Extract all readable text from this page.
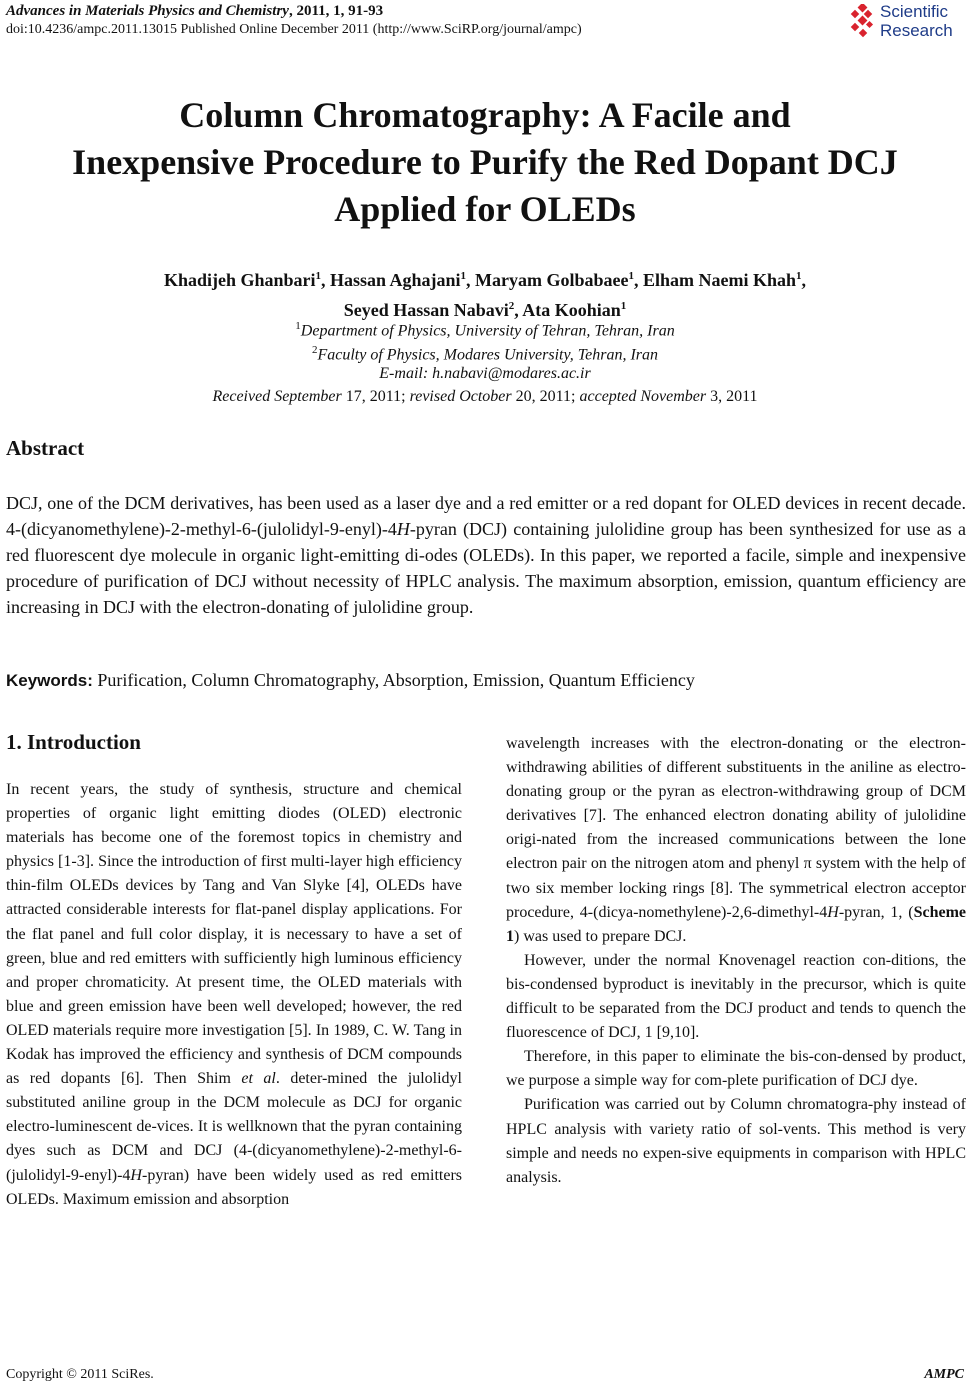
Advances in Materials Physics and Chemistry, 2011, 1, 91-93
doi:10.4236/ampc.2011.13015 Published Online December 2011 (http://www.SciRP.org/journal/ampc)
Scientific
Research
Column Chromatography: A Facile and
Inexpensive Procedure to Purify the Red Dopant DCJ
Applied for OLEDs
Khadijeh Ghanbari$^1$, Hassan Aghajani$^1$, Maryam Golbabaee$^1$, Elham Naemi Khah$^1$,
Seyed Hassan Nabavi$^2$, Ata Koohian$^1$
$^1$Department of Physics, University of Tehran, Tehran, Iran
$^2$Faculty of Physics, Modares University, Tehran, Iran
E-mail: h.nabavi@modares.ac.ir
Received September 17, 2011; revised October 20, 2011; accepted November 3, 2011
Abstract

DCJ, one of the DCM derivatives, has been used as a laser dye and a red emitter or a red dopant for OLED devices in recent decade. 4-(dicyanomethylene)-2-methyl-6-(julolidyl-9-enyl)-4H-pyran (DCJ) containing julolidine group has been synthesized for use as a red fluorescent dye molecule in organic light-emitting di-odes (OLEDs). In this paper, we reported a facile, simple and inexpensive procedure of purification of DCJ without necessity of HPLC analysis. The maximum absorption, emission, quantum efficiency are increasing in DCJ with the electron-donating of julolidine group.

Keywords: Purification, Column Chromatography, Absorption, Emission, Quantum Efficiency
1. Introduction

In recent years, the study of synthesis, structure and chemical properties of organic light emitting diodes (OLED) electronic materials has become one of the foremost topics in chemistry and physics [1-3]. Since the introduction of first multi-layer high efficiency thin-film OLEDs devices by Tang and Van Slyke [4], OLEDs have attracted considerable interests for flat-panel display applications. For the flat panel and full color display, it is necessary to have a set of green, blue and red emitters with sufficiently high luminous efficiency and proper chromaticity. At present time, the OLED materials with blue and green emission have been well developed; however, the red OLED materials require more investigation [5]. In 1989, C. W. Tang in Kodak has improved the efficiency and synthesis of DCM compounds as red dopants [6]. Then Shim et al. deter-mined the julolidyl substituted aniline group in the DCM molecule as DCJ for organic electro-luminescent de-vices. It is wellknown that the pyran containing dyes such as DCM and DCJ (4-(dicyanomethylene)-2-methyl-6-(julolidyl-9-enyl)-4H-pyran) have been widely used as red emitters OLEDs. Maximum emission and absorption

wavelength increases with the electron-donating or the electron-withdrawing abilities of different substituents in the aniline as electro-donating group or the pyran as electron-withdrawing group of DCM derivatives [7]. The enhanced electron donating ability of julolidine origi-nated from the increased communications between the lone electron pair on the nitrogen atom and phenyl π system with the help of two six member locking rings [8]. The symmetrical electron acceptor procedure, 4-(dicya-nomethylene)-2,6-dimethyl-4H-pyran, 1, (Scheme 1) was used to prepare DCJ.

However, under the normal Knovenagel reaction con-ditions, the bis-condensed byproduct is inevitably in the precursor, which is quite difficult to be separated from the DCJ product and tends to quench the fluorescence of DCJ, 1 [9,10].

Therefore, in this paper to eliminate the bis-con-densed by product, we purpose a simple way for com-plete purification of DCJ dye.

Purification was carried out by Column chromatogra-phy instead of HPLC analysis with variety ratio of sol-vents. This method is very simple and needs no expen-sive equipments in comparison with HPLC analysis.

Copyright © 2011 SciRes.	AMPC
